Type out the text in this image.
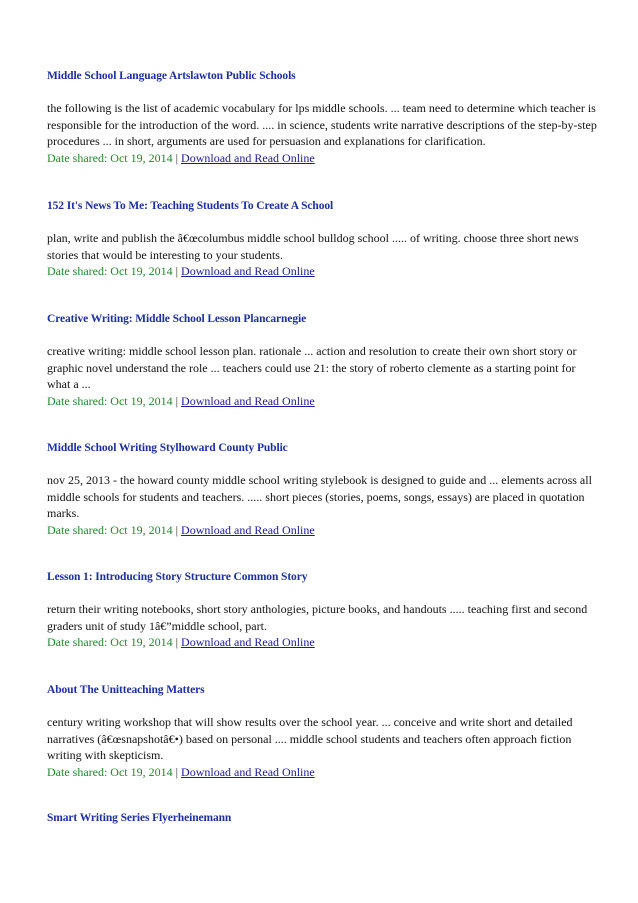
Middle School Language Artslawton Public Schools

the following is the list of academic vocabulary for lps middle schools. ... team need to determine which teacher is responsible for the introduction of the word. .... in science, students write narrative descriptions of the step-by-step procedures ... in short, arguments are used for persuasion and explanations for clarification.

Date shared: Oct 19, 2014 | Download and Read Online

152 It's News To Me: Teaching Students To Create A School

plan, write and publish the â€œcolumbus middle school bulldog school ..... of writing. choose three short news stories that would be interesting to your students.

Date shared: Oct 19, 2014 | Download and Read Online

Creative Writing: Middle School Lesson Plancarnegie

creative writing: middle school lesson plan. rationale ... action and resolution to create their own short story or graphic novel understand the role ... teachers could use 21: the story of roberto clemente as a starting point for what a ...

Date shared: Oct 19, 2014 | Download and Read Online

Middle School Writing Stylhoward County Public

nov 25, 2013 - the howard county middle school writing stylebook is designed to guide and ... elements across all middle schools for students and teachers. ..... short pieces (stories, poems, songs, essays) are placed in quotation marks.

Date shared: Oct 19, 2014 | Download and Read Online

Lesson 1: Introducing Story Structure Common Story

return their writing notebooks, short story anthologies, picture books, and handouts ..... teaching first and second graders unit of study 1â€”middle school, part.

Date shared: Oct 19, 2014 | Download and Read Online

About The Unitteaching Matters

century writing workshop that will show results over the school year. ... conceive and write short and detailed narratives (â€œsnapshotâ€•) based on personal .... middle school students and teachers often approach fiction writing with skepticism.

Date shared: Oct 19, 2014 | Download and Read Online

Smart Writing Series Flyerheinemann
